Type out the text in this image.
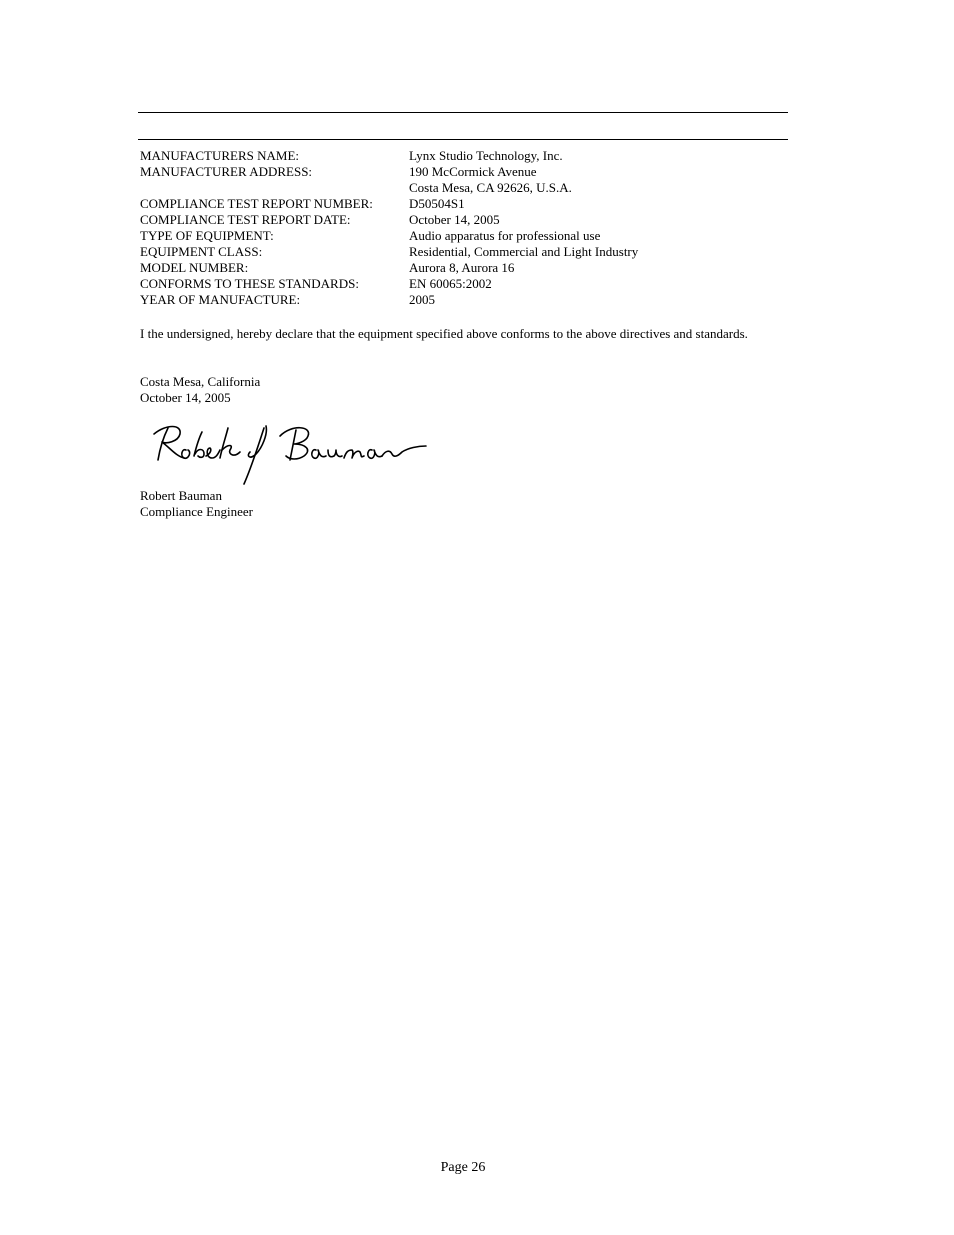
MANUFACTURERS NAME:	Lynx Studio Technology, Inc.
MANUFACTURER ADDRESS:	190 McCormick Avenue
Costa Mesa, CA 92626, U.S.A.
COMPLIANCE TEST REPORT NUMBER:	D50504S1
COMPLIANCE TEST REPORT DATE:	October 14, 2005
TYPE OF EQUIPMENT:	Audio apparatus for professional use
EQUIPMENT CLASS:	Residential, Commercial and Light Industry
MODEL NUMBER:	Aurora 8, Aurora 16
CONFORMS TO THESE STANDARDS:	EN 60065:2002
YEAR OF MANUFACTURE:	2005
I the undersigned, hereby declare that the equipment specified above conforms to the above directives and standards.
Costa Mesa, California
October 14, 2005
Robert Bauman
Compliance Engineer
Page 26
